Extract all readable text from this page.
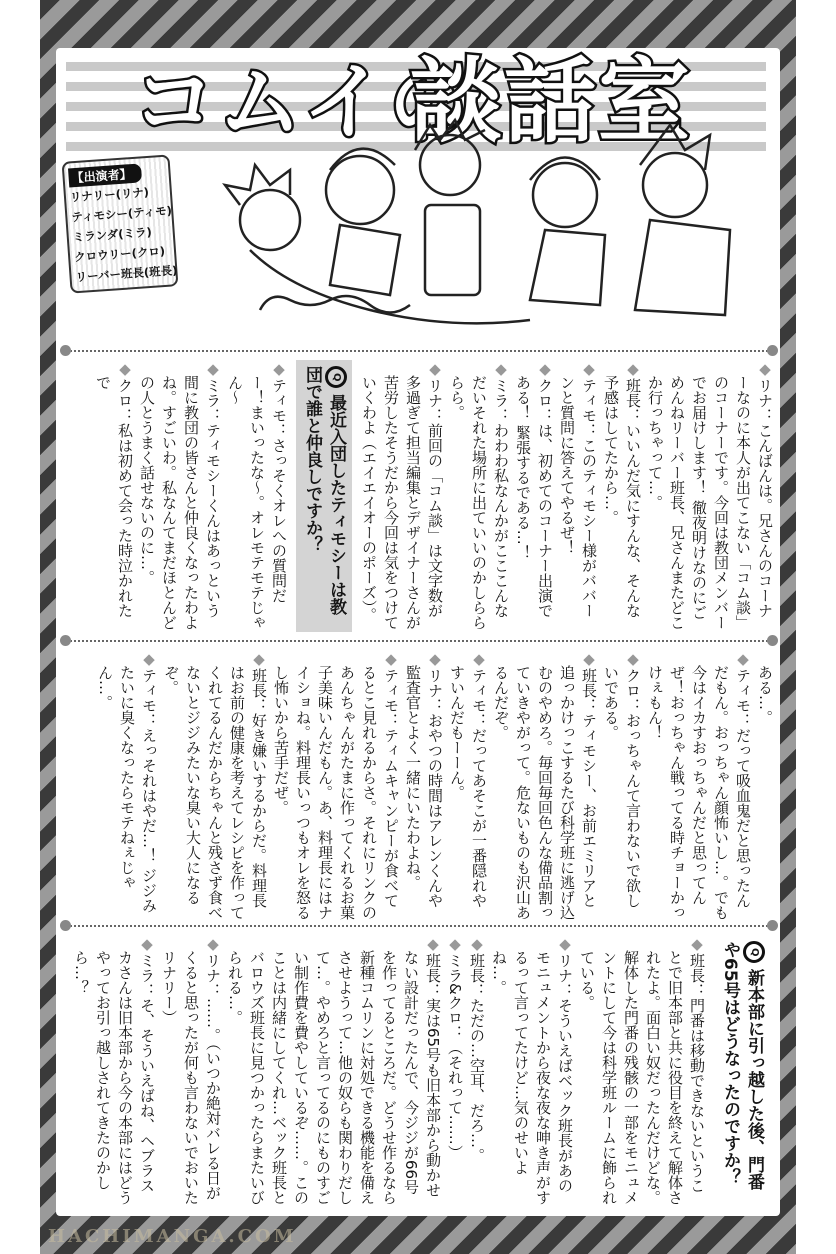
コムイの
談話室
【出演者】
リナリー(リナ)
ティモシー(ティモ)
ミランダ(ミラ)
クロウリー(クロ)
リーバー班長(班長)

◆リナ：こんばんは。兄さんのコーナーなのに本人が出てこない「コム談」のコーナーです。今回は教団メンバーでお届けします！ 徹夜明けなのにごめんねリーバー班長、兄さんまたどこか行っちゃって…。

◆班長：いいんだ気にすんな、そんな予感はしてたから…。

◆ティモ：このティモシー様がババーンと質問に答えてやるぜ！

◆クロ：は、初めてのコーナー出演である！ 緊張するである…！

◆ミラ：わわわ私なんかがこここんなだいそれた場所に出ていいのかしらららら。

◆リナ：前回の「コム談」は文字数が多過ぎて担当編集とデザイナーさんが苦労したそうだから今回は気をつけていくわよ（エイエイオーのポーズ）。

Q最近入団したティモシーは教団で誰と仲良しですか？

◆ティモ：さっそくオレへの質問だー！まいったな～。オレモテモテじゃん～

◆ミラ：ティモシーくんはあっという間に教団の皆さんと仲良くなったわよね。すごいわ。私なんてまだほとんどの人とうまく話せないのに…。

◆クロ：私は初めて会った時泣かれたで

ある…。

◆ティモ：だって吸血鬼だと思ったんだもん。おっちゃん顔怖いし…。でも今はイカすおっちゃんだと思ってんぜ！おっちゃん戦ってる時チョーかっけぇもん！

◆クロ：おっちゃんて言わないで欲しいである。

◆班長：ティモシー、お前エミリアと追っかけっこするたび科学班に逃げ込むのやめろ。毎回毎回色んな備品割っていきやがって。危ないものも沢山あるんだぞ。

◆ティモ：だってあそこが一番隠れやすいんだもーーん。

◆リナ：おやつの時間はアレンくんや監査官とよく一緒にいたわよね。

◆ティモ：ティムキャンピーが食べてるとこ見れるからさ。それにリンクのあんちゃんがたまに作ってくれるお菓子美味いんだもん。あ、料理長にはナイショね。料理長いっつもオレを怒るし怖いから苦手だぜ。

◆班長：好き嫌いするからだ。料理長はお前の健康を考えてレシピを作ってくれてるんだからちゃんと残さず食べないとジジみたいな臭い大人になるぞ。

◆ティモ：えっそれはやだ…！ ジジみたいに臭くなったらモテねぇじゃん…。

Q新本部に引っ越した後、門番や65号はどうなったのですか？

◆班長：門番は移動できないということで旧本部と共に役目を終えて解体されたよ。面白い奴だったんだけどな。解体した門番の残骸の一部をモニュメントにして今は科学班ルームに飾られている。

◆リナ：そういえばベック班長があのモニュメントから夜な夜な呻き声がするって言ってたけど…気のせいよね…。

◆班長：ただの…空耳、だろ…。

◆ミラ&クロ：（それって……）

◆班長：実は65号も旧本部から動かせない設計だったんで、今ジジが66号を作ってるところだ。どうせ作るなら新種コムリンに対処できる機能を備えさせようって…他の奴らも関わりだして…。やめろと言ってるのにものすごい制作費を費やしているぞ……。このことは内緒にしてくれ…ベック班長とバロウズ班長に見つかったらまたいびられる…。

◆リナ：……。（いつか絶対バレる日がくると思ったが何も言わないでおいたリナリー）

◆ミラ：そ、そういえばね、ヘブラスカさんは旧本部から今の本部にはどうやってお引っ越しされてきたのかしら…？

HACHIMANGA.COM
